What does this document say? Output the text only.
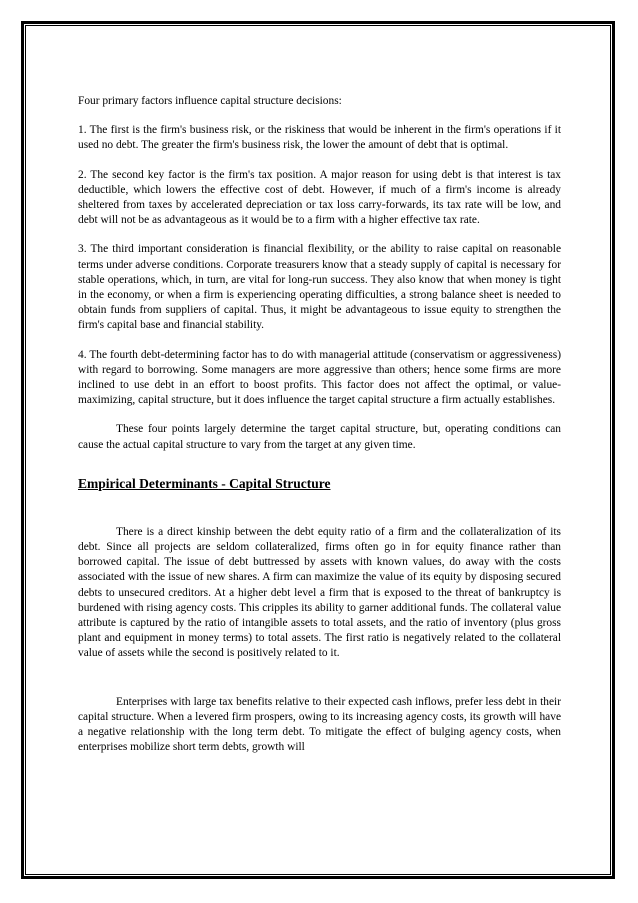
Four primary factors influence capital structure decisions:

1. The first is the firm's business risk, or the riskiness that would be inherent in the firm's operations if it used no debt. The greater the firm's business risk, the lower the amount of debt that is optimal.

2. The second key factor is the firm's tax position. A major reason for using debt is that interest is tax deductible, which lowers the effective cost of debt. However, if much of a firm's income is already sheltered from taxes by accelerated depreciation or tax loss carry-forwards, its tax rate will be low, and debt will not be as advantageous as it would be to a firm with a higher effective tax rate.

3. The third important consideration is financial flexibility, or the ability to raise capital on reasonable terms under adverse conditions. Corporate treasurers know that a steady supply of capital is necessary for stable operations, which, in turn, are vital for long-run success. They also know that when money is tight in the economy, or when a firm is experiencing operating difficulties, a strong balance sheet is needed to obtain funds from suppliers of capital. Thus, it might be advantageous to issue equity to strengthen the firm's capital base and financial stability.

4. The fourth debt-determining factor has to do with managerial attitude (conservatism or aggressiveness) with regard to borrowing. Some managers are more aggressive than others; hence some firms are more inclined to use debt in an effort to boost profits. This factor does not affect the optimal, or value- maximizing, capital structure, but it does influence the target capital structure a firm actually establishes.

These four points largely determine the target capital structure, but, operating conditions can cause the actual capital structure to vary from the target at any given time.

Empirical Determinants - Capital Structure

There is a direct kinship between the debt equity ratio of a firm and the collateralization of its debt. Since all projects are seldom collateralized, firms often go in for equity finance rather than borrowed capital. The issue of debt buttressed by assets with known values, do away with the costs associated with the issue of new shares. A firm can maximize the value of its equity by disposing secured debts to unsecured creditors. At a higher debt level a firm that is exposed to the threat of bankruptcy is burdened with rising agency costs. This cripples its ability to garner additional funds. The collateral value attribute is captured by the ratio of intangible assets to total assets, and the ratio of inventory (plus gross plant and equipment in money terms) to total assets. The first ratio is negatively related to the collateral value of assets while the second is positively related to it.

Enterprises with large tax benefits relative to their expected cash inflows, prefer less debt in their capital structure. When a levered firm prospers, owing to its increasing agency costs, its growth will have a negative relationship with the long term debt. To mitigate the effect of bulging agency costs, when enterprises mobilize short term debts, growth will
